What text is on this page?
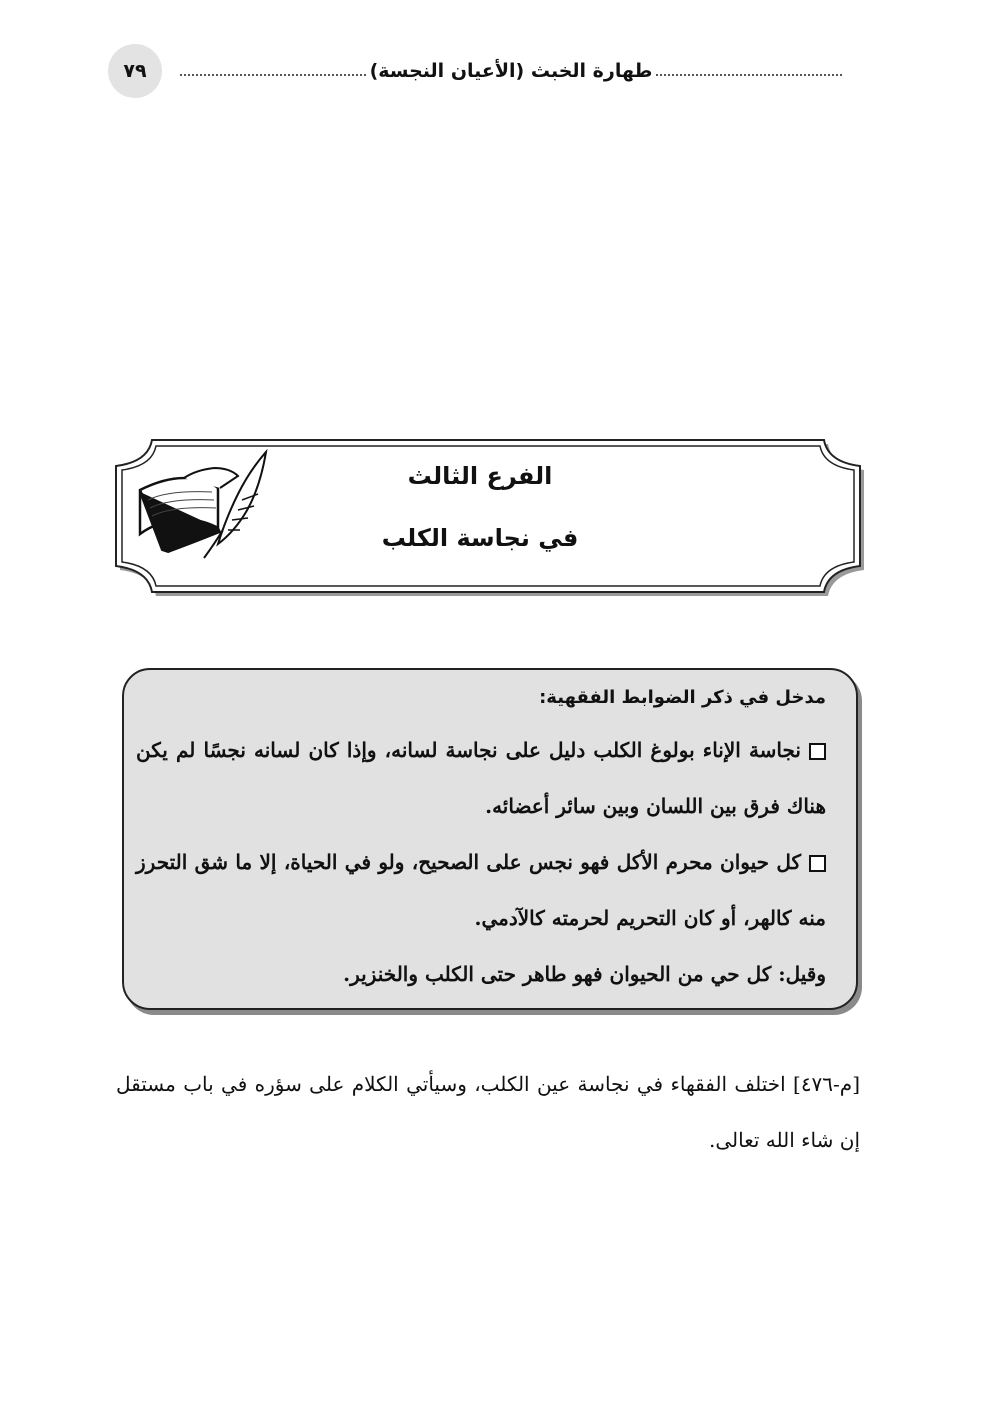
٧٩	طهارة الخبث (الأعيان النجسة)
الفرع الثالث
في نجاسة الكلب

مدخل في ذكر الضوابط الفقهية:

نجاسة الإناء بولوغ الكلب دليل على نجاسة لسانه، وإذا كان لسانه نجسًا لم يكن هناك فرق بين اللسان وبين سائر أعضائه.

كل حيوان محرم الأكل فهو نجس على الصحيح، ولو في الحياة، إلا ما شق التحرز منه كالهر، أو كان التحريم لحرمته كالآدمي.

وقيل: كل حي من الحيوان فهو طاهر حتى الكلب والخنزير.

[م-٤٧٦] اختلف الفقهاء في نجاسة عين الكلب، وسيأتي الكلام على سؤره في باب مستقل إن شاء الله تعالى.
